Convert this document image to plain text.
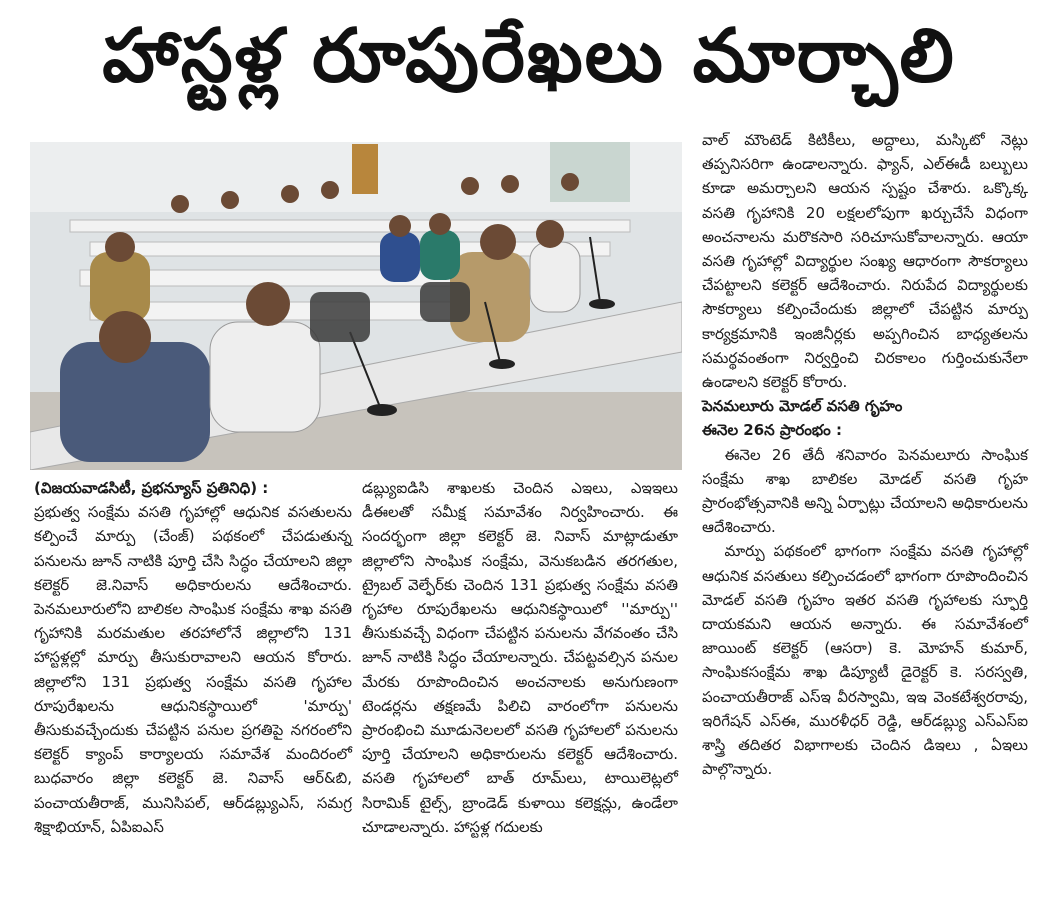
హాస్టళ్ల రూపురేఖలు మార్చాలి

(విజయవాడసిటీ, ప్రభన్యూస్ ప్రతినిధి) :

ప్రభుత్వ సంక్షేమ వసతి గృహాల్లో ఆధునిక వసతులను కల్పించే మార్పు (చేంజ్) పథకంలో చేపడుతున్న పనులను జూన్ నాటికి పూర్తి చేసి సిద్ధం చేయాలని జిల్లా కలెక్టర్ జె.నివాస్ అధికారులను ఆదేశించారు. పెనమలూరులోని బాలికల సాంఘిక సంక్షేమ శాఖ వసతి గృహానికి మరమతుల తరహాలోనే జిల్లాలోని 131 హాస్టళ్లల్లో మార్పు తీసుకురావాలని ఆయన కోరారు. జిల్లాలోని 131 ప్రభుత్వ సంక్షేమ వసతి గృహాల రూపురేఖలను ఆధునికస్థాయిలో 'మార్పు' తీసుకువచ్చేందుకు చేపట్టిన పనుల ప్రగతిపై నగరంలోని కలెక్టర్ క్యాంప్ కార్యాలయ సమావేశ మందిరంలో బుధవారం జిల్లా కలెక్టర్ జె. నివాస్ ఆర్&బి, పంచాయతీరాజ్, మునిసిపల్, ఆర్‌డబ్ల్యుఎస్, సమగ్ర శిక్షాభియాన్, ఏపిఐఎస్

డబ్ల్యుఐడిసి శాఖలకు చెందిన ఎఇలు, ఎఇఇలు డీఈలతో సమీక్ష సమావేశం నిర్వహించారు. ఈ సందర్భంగా జిల్లా కలెక్టర్ జె. నివాస్ మాట్లాడుతూ జిల్లాలోని సాంఘిక సంక్షేమ, వెనుకబడిన తరగతుల, ట్రైబల్ వెల్ఫేర్‌కు చెందిన 131 ప్రభుత్వ సంక్షేమ వసతి గృహాల రూపురేఖలను ఆధునికస్థాయిలో ''మార్పు'' తీసుకువచ్చే విధంగా చేపట్టిన పనులను వేగవంతం చేసి జూన్ నాటికి సిద్ధం చేయాలన్నారు. చేపట్టవల్సిన పనుల మేరకు రూపొందించిన అంచనాలకు అనుగుణంగా టెండర్లను తక్షణమే పిలిచి వారంలోగా పనులను ప్రారంభించి మూడునెలలలో వసతి గృహాలలో పనులను పూర్తి చేయాలని అధికారులను కలెక్టర్ ఆదేశించారు. వసతి గృహాలలో బాత్ రూమ్‌లు, టాయిలెట్లలో సిరామిక్ టైల్స్, బ్రాండెడ్ కుళాయి కలెక్షన్లు, ఉండేలా చూడాలన్నారు. హాస్టళ్ల గదులకు

వాల్ మౌంటెడ్ కిటికీలు, అద్దాలు, మస్కిటో నెట్లు తప్పనిసరిగా ఉండాలన్నారు. ఫ్యాన్, ఎల్ఈడీ బల్బులు కూడా అమర్చాలని ఆయన స్పష్టం చేశారు. ఒక్కొక్క వసతి గృహానికి 20 లక్షలలోపుగా ఖర్చుచేసే విధంగా అంచనాలను మరొకసారి సరిచూసుకోవాలన్నారు. ఆయా వసతి గృహాల్లో విద్యార్థుల సంఖ్య ఆధారంగా సౌకర్యాలు చేపట్టాలని కలెక్టర్ ఆదేశించారు. నిరుపేద విద్యార్థులకు సౌకర్యాలు కల్పించేందుకు జిల్లాలో చేపట్టిన మార్పు కార్యక్రమానికి ఇంజినీర్లకు అప్పగించిన బాధ్యతలను సమర్థవంతంగా నిర్వర్తించి చిరకాలం గుర్తించుకునేలా ఉండాలని కలెక్టర్ కోరారు.

పెనమలూరు మోడల్ వసతి గృహం

ఈనెల 26న ప్రారంభం :

ఈనెల 26 తేదీ శనివారం పెనమలూరు సాంఘిక సంక్షేమ శాఖ బాలికల మోడల్ వసతి గృహ ప్రారంభోత్సవానికి అన్ని ఏర్పాట్లు చేయాలని అధికారులను ఆదేశించారు.

మార్పు పథకంలో భాగంగా సంక్షేమ వసతి గృహాల్లో ఆధునిక వసతులు కల్పించడంలో భాగంగా రూపొందించిన మోడల్ వసతి గృహం ఇతర వసతి గృహాలకు స్ఫూర్తి దాయకమని ఆయన అన్నారు. ఈ సమావేశంలో జాయింట్ కలెక్టర్ (ఆసరా) కె. మోహన్ కుమార్, సాంఘికసంక్షేమ శాఖ డిప్యూటీ డైరెక్టర్ కె. సరస్వతి, పంచాయతీరాజ్ ఎస్ఇ వీరస్వామి, ఇఇ వెంకటేశ్వరరావు, ఇరిగేషన్ ఎస్ఈ, మురళీధర్ రెడ్డి, ఆర్‌డబ్ల్యు ఎస్ఎస్ఐ శాస్త్రి తదితర విభాగాలకు చెందిన డిఇలు , ఏఇలు పాల్గొన్నారు.
